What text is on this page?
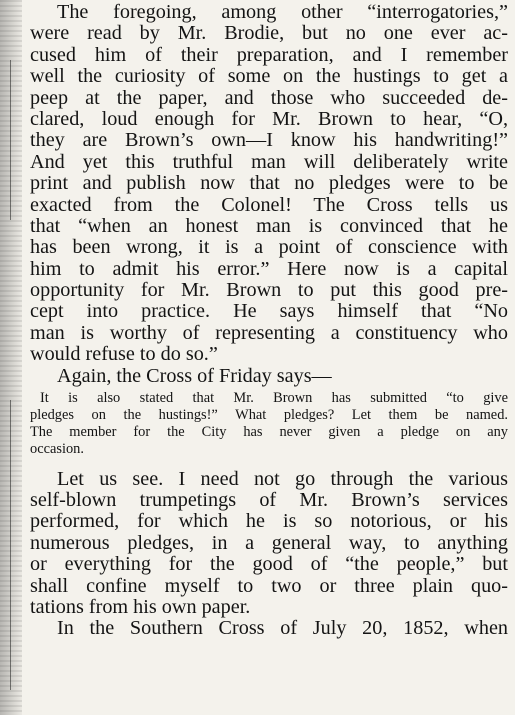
The foregoing, among other “interrogatories,”
were read by Mr. Brodie, but no one ever ac-
cused him of their preparation, and I remember
well the curiosity of some on the hustings to get a
peep at the paper, and those who succeeded de-
clared, loud enough for Mr. Brown to hear, “O,
they are Brown’s own—I know his handwriting!”
And yet this truthful man will deliberately write
print and publish now that no pledges were to be
exacted from the Colonel! The Cross tells us
that “when an honest man is convinced that he
has been wrong, it is a point of conscience with
him to admit his error.” Here now is a capital
opportunity for Mr. Brown to put this good pre-
cept into practice. He says himself that “No
man is worthy of representing a constituency who
would refuse to do so.”
Again, the Cross of Friday says—
It is also stated that Mr. Brown has submitted “to give
pledges on the hustings!” What pledges? Let them be named.
The member for the City has never given a pledge on any
occasion.
Let us see. I need not go through the various
self-blown trumpetings of Mr. Brown’s services
performed, for which he is so notorious, or his
numerous pledges, in a general way, to anything
or everything for the good of “the people,” but
shall confine myself to two or three plain quo-
tations from his own paper.
In the Southern Cross of July 20, 1852, when
